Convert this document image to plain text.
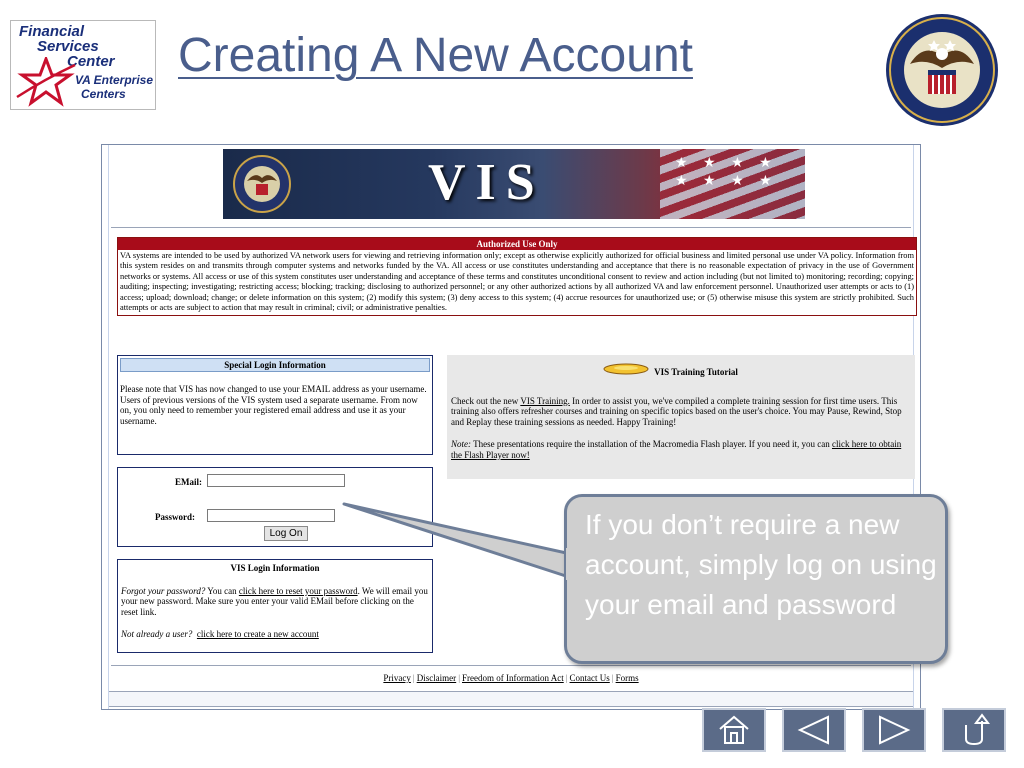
Financial
Services
Center
VA Enterprise
Centers
Creating A New Account
VIS	★ ★ ★ ★ ★ ★ ★ ★
Authorized Use Only
VA systems are intended to be used by authorized VA network users for viewing and retrieving information only; except as otherwise explicitly authorized for official business and limited personal use under VA policy. Information from this system resides on and transmits through computer systems and networks funded by the VA. All access or use constitutes understanding and acceptance that there is no reasonable expectation of privacy in the use of Government networks or systems. All access or use of this system constitutes user understanding and acceptance of these terms and constitutes unconditional consent to review and action including (but not limited to) monitoring; recording; copying; auditing; inspecting; investigating; restricting access; blocking; tracking; disclosing to authorized personnel; or any other authorized actions by all authorized VA and law enforcement personnel. Unauthorized user attempts or acts to (1) access; upload; download; change; or delete information on this system; (2) modify this system; (3) deny access to this system; (4) accrue resources for unauthorized use; or (5) otherwise misuse this system are strictly prohibited. Such attempts or acts are subject to action that may result in criminal; civil; or administrative penalties.
Special Login Information
Please note that VIS has now changed to use your EMAIL address as your username. Users of previous versions of the VIS system used a separate username. From now on, you only need to remember your registered email address and use it as your username.
EMail:
Password:
Log On
VIS Login Information
Forgot your password? You can click here to reset your password. We will email you your new password. Make sure you enter your valid EMail before clicking on the reset link.
Not already a user? click here to create a new account
VIS Training Tutorial
Check out the new VIS Training. In order to assist you, we've compiled a complete training session for first time users. This training also offers refresher courses and training on specific topics based on the user's choice. You may Pause, Rewind, Stop and Replay these training sessions as needed. Happy Training!
Note: These presentations require the installation of the Macromedia Flash player. If you need it, you can click here to obtain the Flash Player now!
Privacy | Disclaimer | Freedom of Information Act | Contact Us | Forms
If you don’t require a new account, simply log on using your email and password
